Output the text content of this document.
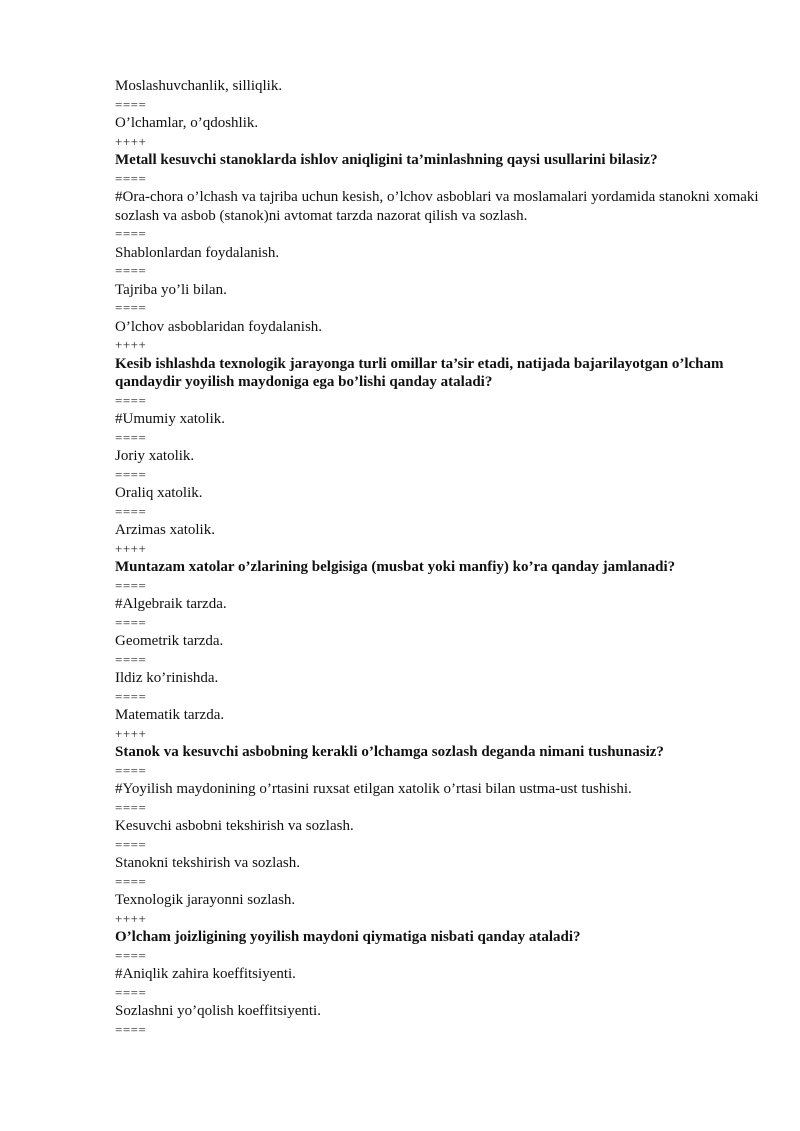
Moslashuvchanlik, silliqlik.
====
O’lchamlar, o’qdoshlik.
++++
Metall kesuvchi stanoklarda ishlov aniqligini ta’minlashning qaysi usullarini bilasiz?
====
#Ora-chora o’lchash va tajriba uchun kesish, o’lchov asboblari va moslamalari yordamida stanokni xomaki sozlash va asbob (stanok)ni avtomat tarzda nazorat qilish va sozlash.
====
Shablonlardan foydalanish.
====
Tajriba yo’li bilan.
====
O’lchov asboblaridan foydalanish.
++++
Kesib ishlashda texnologik jarayonga turli omillar ta’sir etadi, natijada bajarilayotgan o’lcham qandaydir yoyilish maydoniga ega bo’lishi qanday ataladi?
====
#Umumiy xatolik.
====
Joriy xatolik.
====
Oraliq xatolik.
====
Arzimas xatolik.
++++
Muntazam xatolar o’zlarining belgisiga (musbat yoki manfiy) ko’ra qanday jamlanadi?
====
#Algebraik tarzda.
====
Geometrik tarzda.
====
Ildiz ko’rinishda.
====
Matematik tarzda.
++++
Stanok va kesuvchi asbobning kerakli o’lchamga sozlash deganda nimani tushunasiz?
====
#Yoyilish maydonining o’rtasini ruxsat etilgan xatolik o’rtasi bilan ustma-ust tushishi.
====
Kesuvchi asbobni tekshirish va sozlash.
====
Stanokni tekshirish va sozlash.
====
Texnologik jarayonni sozlash.
++++
O’lcham joizligining yoyilish maydoni qiymatiga nisbati qanday ataladi?
====
#Aniqlik zahira koeffitsiyenti.
====
Sozlashni yo’qolish koeffitsiyenti.
====
